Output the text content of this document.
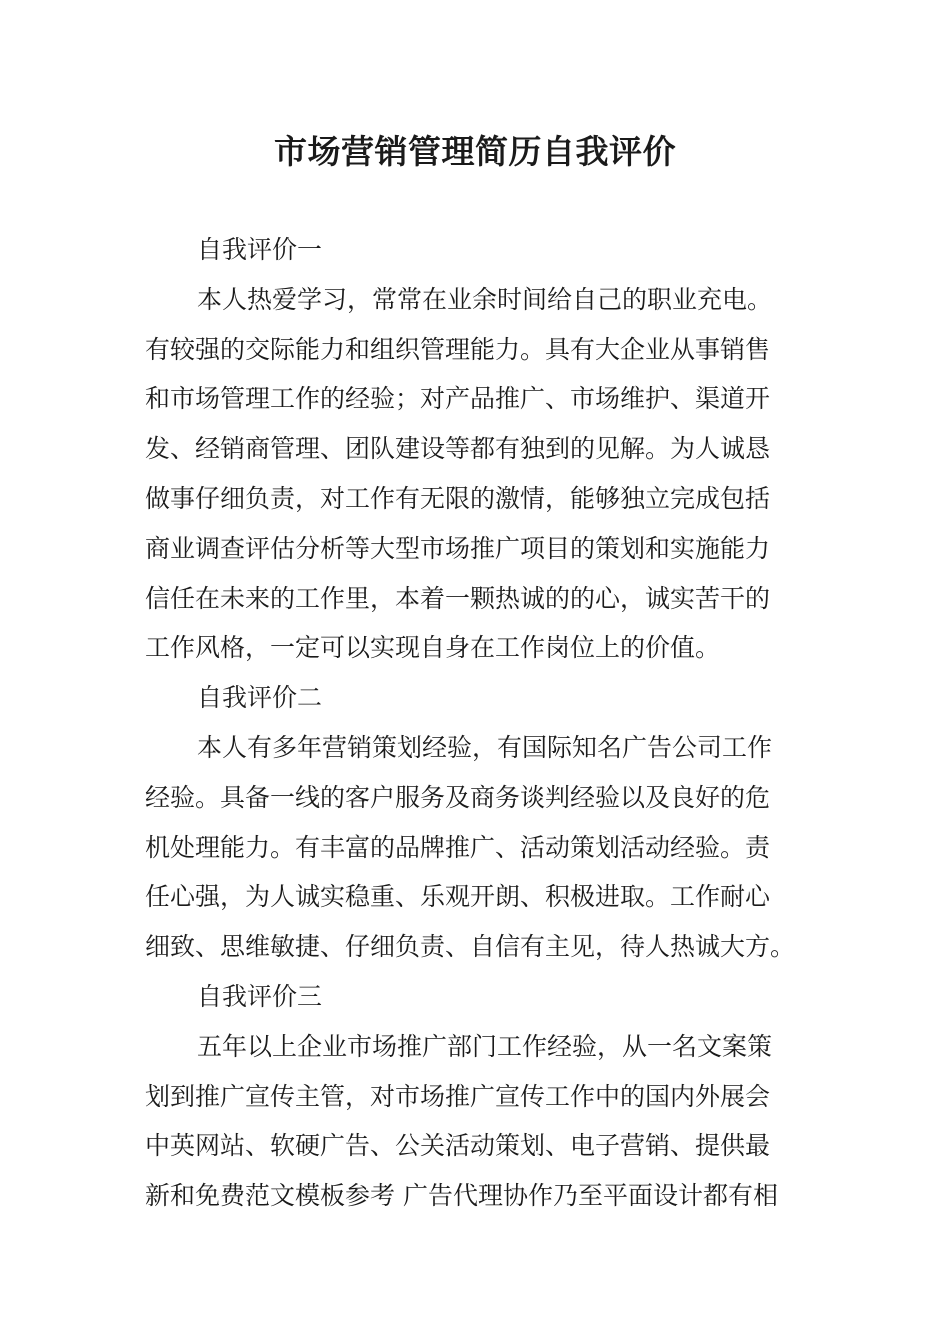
市场营销管理简历自我评价
自我评价一
本人热爱学习，常常在业余时间给自己的职业充电。
有较强的交际能力和组织管理能力。具有大企业从事销售
和市场管理工作的经验；对产品推广、市场维护、渠道开
发、经销商管理、团队建设等都有独到的见解。为人诚恳
做事仔细负责，对工作有无限的激情，能够独立完成包括
商业调查评估分析等大型市场推广项目的策划和实施能力
信任在未来的工作里，本着一颗热诚的的心，诚实苦干的
工作风格，一定可以实现自身在工作岗位上的价值。
自我评价二
本人有多年营销策划经验，有国际知名广告公司工作
经验。具备一线的客户服务及商务谈判经验以及良好的危
机处理能力。有丰富的品牌推广、活动策划活动经验。责
任心强，为人诚实稳重、乐观开朗、积极进取。工作耐心
细致、思维敏捷、仔细负责、自信有主见，待人热诚大方。
自我评价三
五年以上企业市场推广部门工作经验，从一名文案策
划到推广宣传主管，对市场推广宣传工作中的国内外展会
中英网站、软硬广告、公关活动策划、电子营销、提供最
新和免费范文模板参考 广告代理协作乃至平面设计都有相
